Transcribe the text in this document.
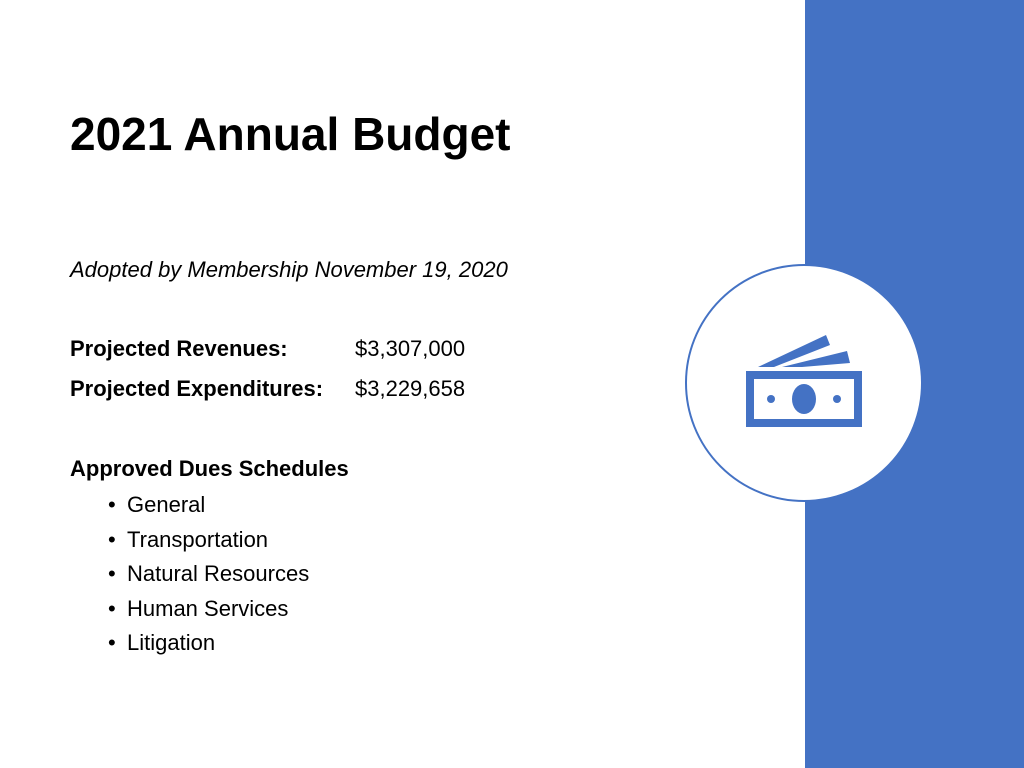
2021 Annual Budget
Adopted by Membership November 19, 2020
Projected Revenues:	$3,307,000
Projected Expenditures: $3,229,658
Approved Dues Schedules
• General
• Transportation
• Natural Resources
• Human Services
• Litigation
